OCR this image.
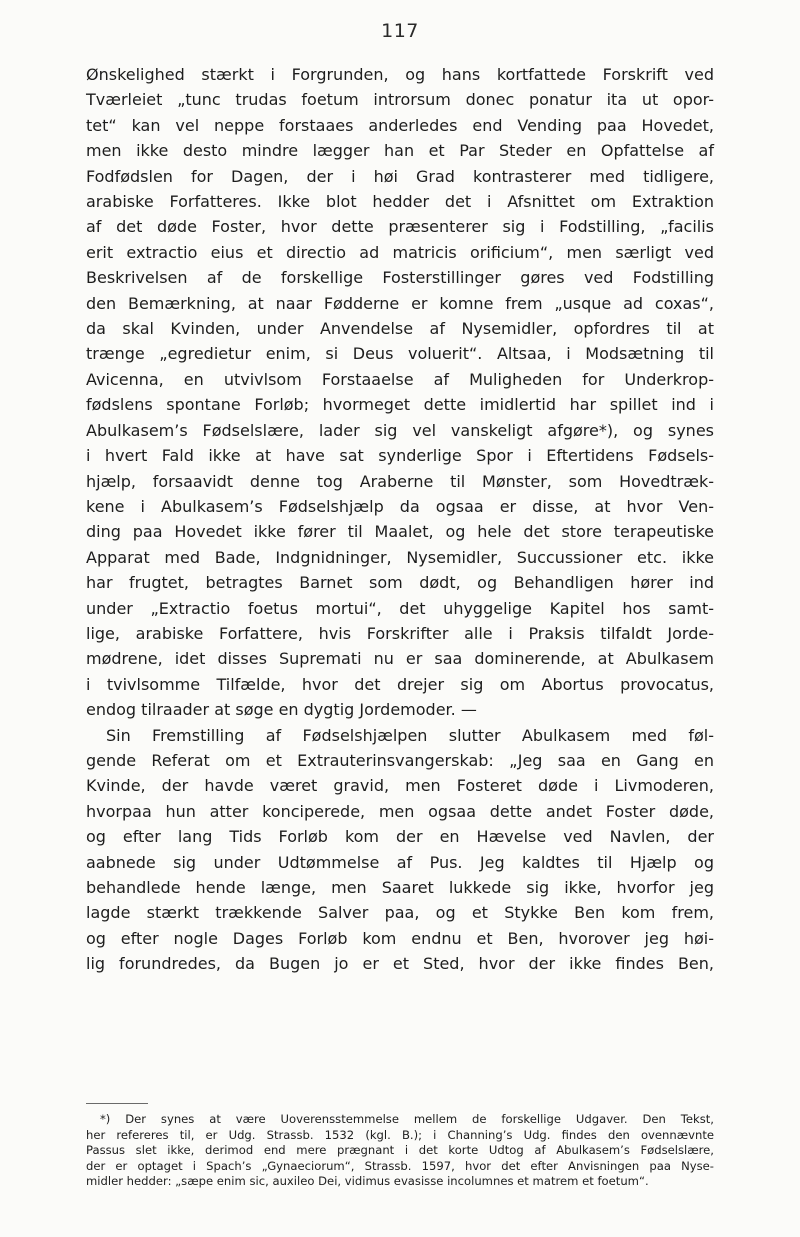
117
Ønskelighed stærkt i Forgrunden, og hans kortfattede Forskrift ved
Tværleiet „tunc trudas foetum introrsum donec ponatur ita ut opor-
tet“ kan vel neppe forstaaes anderledes end Vending paa Hovedet,
men ikke desto mindre lægger han et Par Steder en Opfattelse af
Fodfødslen for Dagen, der i høi Grad kontrasterer med tidligere,
arabiske Forfatteres. Ikke blot hedder det i Afsnittet om Extraktion
af det døde Foster, hvor dette præsenterer sig i Fodstilling, „facilis
erit extractio eius et directio ad matricis orificium“, men særligt ved
Beskrivelsen af de forskellige Fosterstillinger gøres ved Fodstilling
den Bemærkning, at naar Fødderne er komne frem „usque ad coxas“,
da skal Kvinden, under Anvendelse af Nysemidler, opfordres til at
trænge „egredietur enim, si Deus voluerit“. Altsaa, i Modsætning til
Avicenna, en utvivlsom Forstaaelse af Muligheden for Underkrop-
fødslens spontane Forløb; hvormeget dette imidlertid har spillet ind i
Abulkasem’s Fødselslære, lader sig vel vanskeligt afgøre*), og synes
i hvert Fald ikke at have sat synderlige Spor i Eftertidens Fødsels-
hjælp, forsaavidt denne tog Araberne til Mønster, som Hovedtræk-
kene i Abulkasem’s Fødselshjælp da ogsaa er disse, at hvor Ven-
ding paa Hovedet ikke fører til Maalet, og hele det store terapeutiske
Apparat med Bade, Indgnidninger, Nysemidler, Succussioner etc. ikke
har frugtet, betragtes Barnet som dødt, og Behandligen hører ind
under „Extractio foetus mortui“, det uhyggelige Kapitel hos samt-
lige, arabiske Forfattere, hvis Forskrifter alle i Praksis tilfaldt Jorde-
mødrene, idet disses Supremati nu er saa dominerende, at Abulkasem
i tvivlsomme Tilfælde, hvor det drejer sig om Abortus provocatus,
endog tilraader at søge en dygtig Jordemoder. —
Sin Fremstilling af Fødselshjælpen slutter Abulkasem med føl-
gende Referat om et Extrauterinsvangerskab: „Jeg saa en Gang en
Kvinde, der havde været gravid, men Fosteret døde i Livmoderen,
hvorpaa hun atter konciperede, men ogsaa dette andet Foster døde,
og efter lang Tids Forløb kom der en Hævelse ved Navlen, der
aabnede sig under Udtømmelse af Pus. Jeg kaldtes til Hjælp og
behandlede hende længe, men Saaret lukkede sig ikke, hvorfor jeg
lagde stærkt trækkende Salver paa, og et Stykke Ben kom frem,
og efter nogle Dages Forløb kom endnu et Ben, hvorover jeg høi-
lig forundredes, da Bugen jo er et Sted, hvor der ikke findes Ben,
*) Der synes at være Uoverensstemmelse mellem de forskellige Udgaver. Den Tekst,
her refereres til, er Udg. Strassb. 1532 (kgl. B.); i Channing’s Udg. findes den ovennævnte
Passus slet ikke, derimod end mere prægnant i det korte Udtog af Abulkasem’s Fødselslære,
der er optaget i Spach’s „Gynaeciorum“, Strassb. 1597, hvor det efter Anvisningen paa Nyse-
midler hedder: „sæpe enim sic, auxileo Dei, vidimus evasisse incolumnes et matrem et foetum“.
